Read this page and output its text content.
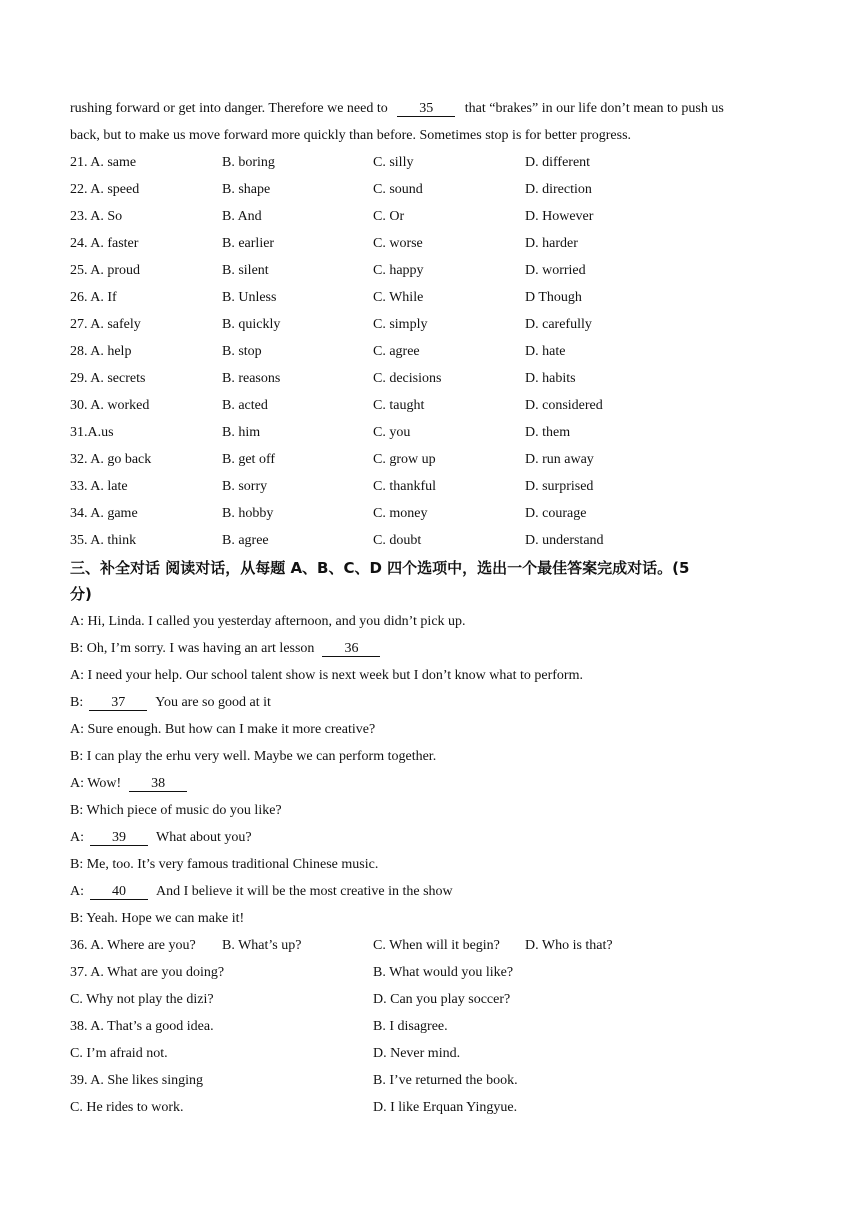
rushing forward or get into danger. Therefore we need to 35 that “brakes” in our life don’t mean to push us
back, but to make us move forward more quickly than before. Sometimes stop is for better progress.
21. A. same	B. boring	C. silly	D. different
22. A. speed	B. shape	C. sound	D. direction
23. A. So	B. And	C. Or	D. However
24. A. faster	B. earlier	C. worse	D. harder
25. A. proud	B. silent	C. happy	D. worried
26. A. If	B. Unless	C. While	D Though
27. A. safely	B. quickly	C. simply	D. carefully
28. A. help	B. stop	C. agree	D. hate
29. A. secrets	B. reasons	C. decisions	D. habits
30. A. worked	B. acted	C. taught	D. considered
31.A.us	B. him	C. you	D. them
32. A. go back	B. get off	C. grow up	D. run away
33. A. late	B. sorry	C. thankful	D. surprised
34. A. game	B. hobby	C. money	D. courage
35. A. think	B. agree	C. doubt	D. understand
三、补全对话 阅读对话，从每题 A、B、C、D 四个选项中，选出一个最佳答案完成对话。(5
分)
A: Hi, Linda. I called you yesterday afternoon, and you didn’t pick up.
B: Oh, I’m sorry. I was having an art lesson 36
A: I need your help. Our school talent show is next week but I don’t know what to perform.
B: 37 You are so good at it
A: Sure enough. But how can I make it more creative?
B: I can play the erhu very well. Maybe we can perform together.
A: Wow! 38
B: Which piece of music do you like?
A: 39 What about you?
B: Me, too. It’s very famous traditional Chinese music.
A: 40 And I believe it will be the most creative in the show
B: Yeah. Hope we can make it!
36. A. Where are you? B. What’s up?	C. When will it begin? D. Who is that?
37. A. What are you doing?	B. What would you like?
C. Why not play the dizi?	D. Can you play soccer?
38. A. That’s a good idea.	B. I disagree.
C. I’m afraid not.	D. Never mind.
39. A. She likes singing	B. I’ve returned the book.
C. He rides to work.	D. I like Erquan Yingyue.
